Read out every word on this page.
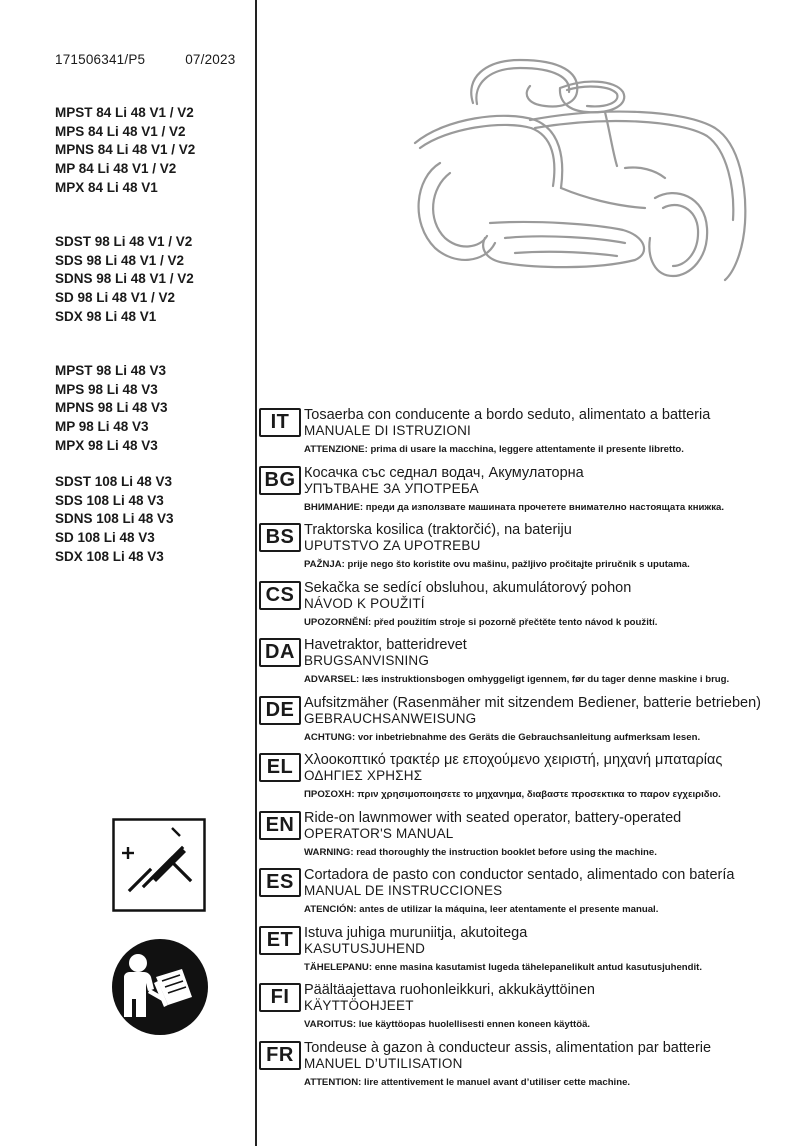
171506341/P5	07/2023
MPST 84 Li 48 V1 / V2
MPS 84 Li 48 V1 / V2
MPNS 84 Li 48 V1 / V2
MP 84 Li 48 V1 / V2
MPX 84 Li 48 V1
SDST 98 Li 48 V1 / V2
SDS 98 Li 48 V1 / V2
SDNS 98 Li 48 V1 / V2
SD 98 Li 48 V1 / V2
SDX 98 Li 48 V1
MPST 98 Li 48 V3
MPS 98 Li 48 V3
MPNS 98 Li 48 V3
MP 98 Li 48 V3
MPX 98 Li 48 V3
SDST 108 Li 48 V3
SDS 108 Li 48 V3
SDNS 108 Li 48 V3
SD 108 Li 48 V3
SDX 108 Li 48 V3
IT	Tosaerba con conducente a bordo seduto, alimentato a batteria
MANUALE DI ISTRUZIONI
ATTENZIONE: prima di usare la macchina, leggere attentamente il presente libretto.
BG Косачка със седнал водач, Акумулаторна
УПЪТВАНЕ ЗА УПОТРЕБА
ВНИМАНИЕ: преди да използвате машината прочетете внимателно настоящата книжка.
BS Traktorska kosilica (traktorčić), na bateriju
UPUTSTVO ZA UPOTREBU
PAŽNJA: prije nego što koristite ovu mašinu, pažljivo pročitajte priručnik s uputama.
CS Sekačka se sedící obsluhou, akumulátorový pohon
NÁVOD K POUŽITÍ
UPOZORNĚNÍ: před použitím stroje si pozorně přečtěte tento návod k použití.
DA Havetraktor, batteridrevet
BRUGSANVISNING
ADVARSEL: læs instruktionsbogen omhyggeligt igennem, før du tager denne maskine i brug.
DE Aufsitzmäher (Rasenmäher mit sitzendem Bediener, batterie betrieben)
GEBRAUCHSANWEISUNG
ACHTUNG: vor inbetriebnahme des Geräts die Gebrauchsanleitung aufmerksam lesen.
EL Χλοοκοπτικό τρακτέρ με εποχούμενο χειριστή, μηχανή μπαταρίας
ΟΔΗΓΙΕΣ ΧΡΗΣΗΣ
ΠΡΟΣΟΧΗ: πριν χρησιμοποιησετε το μηχανημα, διαβαστε προσεκτικα το παρον εγχειριδιο.
EN Ride-on lawnmower with seated operator, battery-operated
OPERATOR'S MANUAL
WARNING: read thoroughly the instruction booklet before using the machine.
ES Cortadora de pasto con conductor sentado, alimentado con batería
MANUAL DE INSTRUCCIONES
ATENCIÓN: antes de utilizar la máquina, leer atentamente el presente manual.
ET Istuva juhiga muruniitja, akutoitega
KASUTUSJUHEND
TÄHELEPANU: enne masina kasutamist lugeda tähelepanelikult antud kasutusjuhendit.
FI	Päältäajettava ruohonleikkuri, akkukäyttöinen
KÄYTTÖOHJEET
VAROITUS: lue käyttöopas huolellisesti ennen koneen käyttöä.
FR Tondeuse à gazon à conducteur assis, alimentation par batterie
MANUEL D’UTILISATION
ATTENTION: lire attentivement le manuel avant d’utiliser cette machine.
